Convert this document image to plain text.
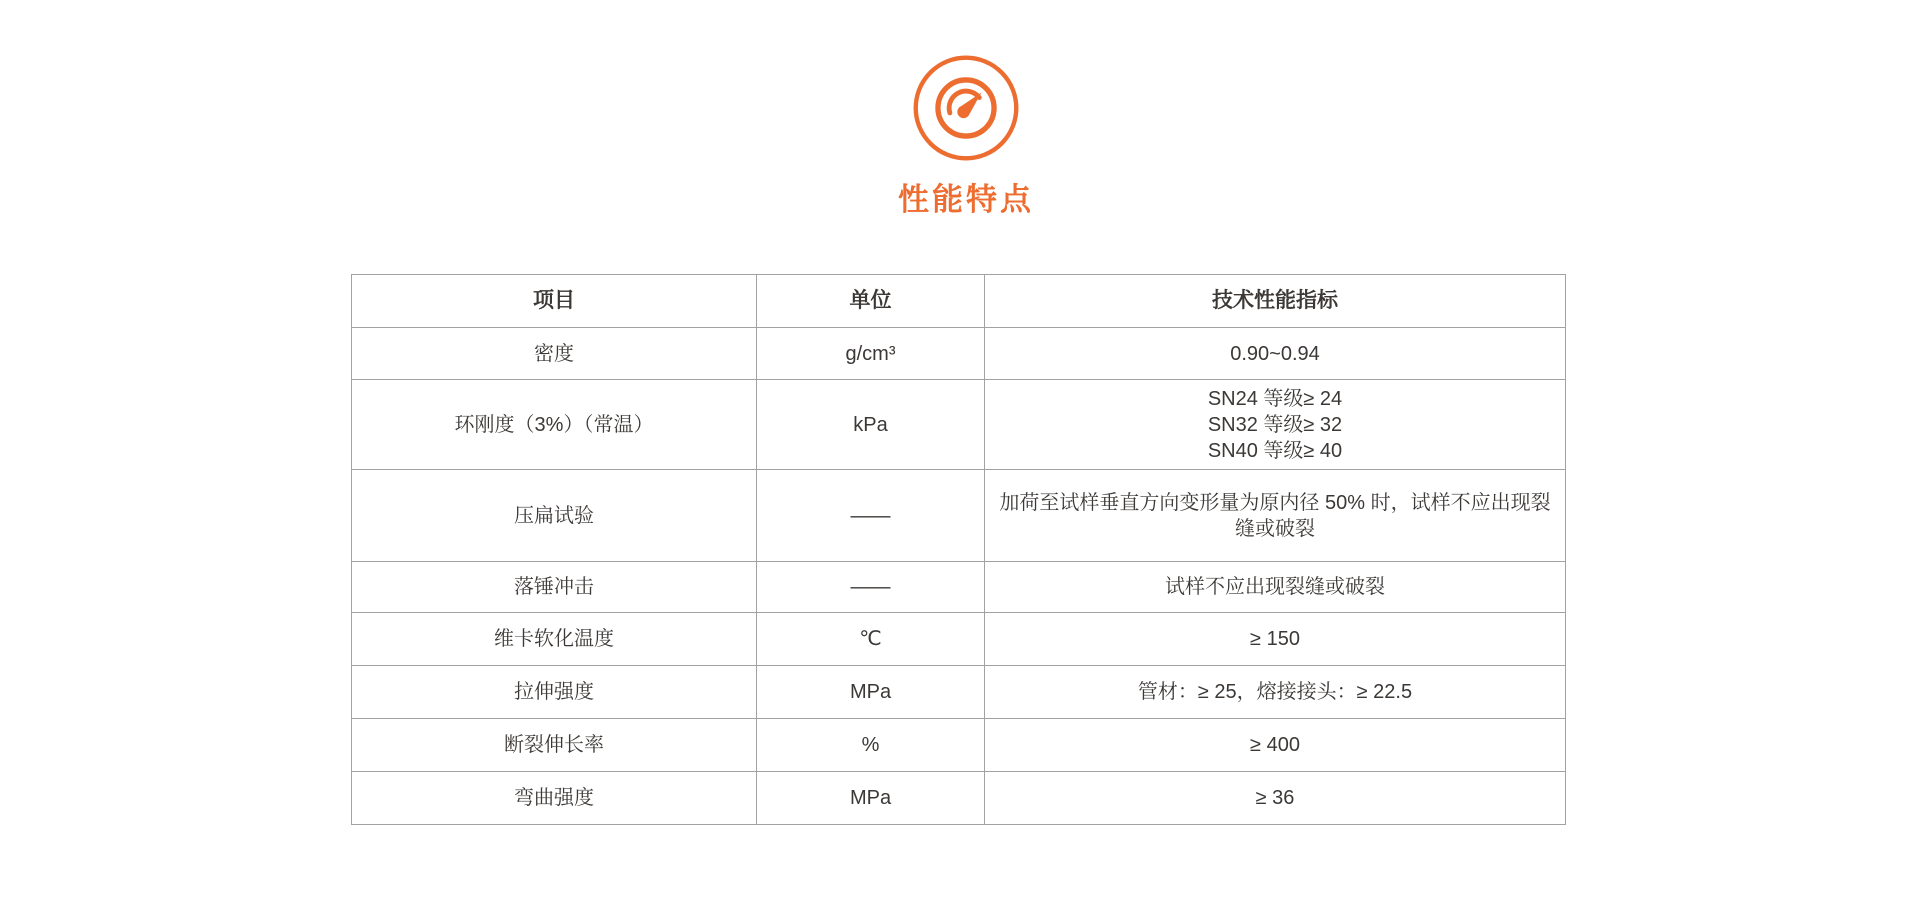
性能特点
项目	单位	技术性能指标
密度	g/cm³	0.90~0.94

环刚度（3%）（常温）	kPa	SN24 等级≥ 24
SN32 等级≥ 32
SN40 等级≥ 40

压扁试验	——	加荷至试样垂直方向变形量为原内径 50% 时，试样不应出现裂缝或破裂

落锤冲击	——	试样不应出现裂缝或破裂

维卡软化温度	℃	≥ 150

拉伸强度	MPa	管材：≥ 25，熔接接头：≥ 22.5

断裂伸长率	%	≥ 400

弯曲强度	MPa	≥ 36
